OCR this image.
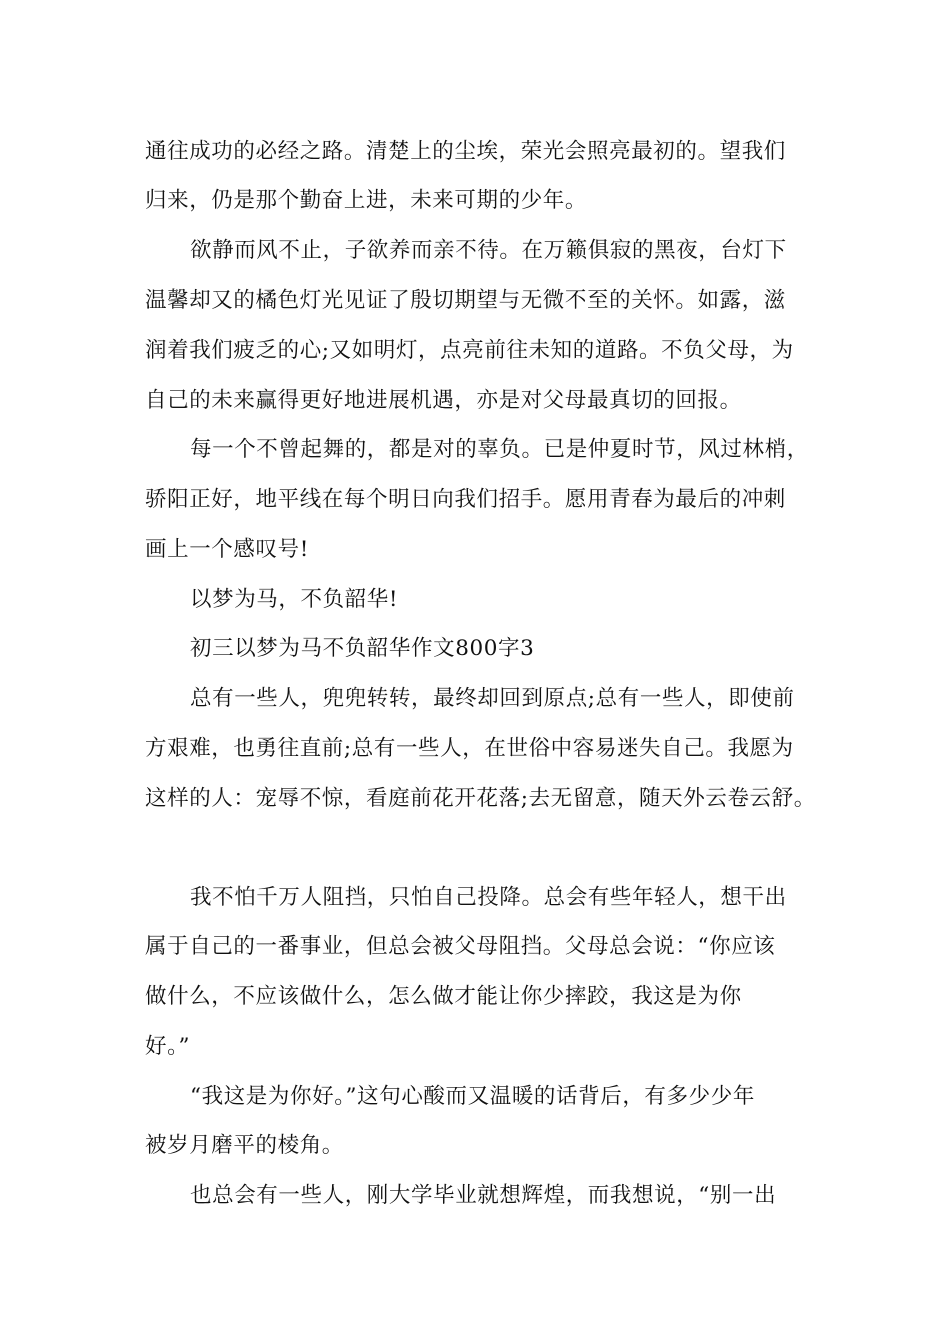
通往成功的必经之路。清楚上的尘埃，荣光会照亮最初的。望我们
归来，仍是那个勤奋上进，未来可期的少年。
欲静而风不止，子欲养而亲不待。在万籁俱寂的黑夜，台灯下
温馨却又的橘色灯光见证了殷切期望与无微不至的关怀。如露，滋
润着我们疲乏的心;又如明灯，点亮前往未知的道路。不负父母，为
自己的未来赢得更好地进展机遇，亦是对父母最真切的回报。
每一个不曾起舞的，都是对的辜负。已是仲夏时节，风过林梢，
骄阳正好，地平线在每个明日向我们招手。愿用青春为最后的冲刺
画上一个感叹号!
以梦为马，不负韶华!
初三以梦为马不负韶华作文800字3
总有一些人，兜兜转转，最终却回到原点;总有一些人，即使前
方艰难，也勇往直前;总有一些人，在世俗中容易迷失自己。我愿为
这样的人：宠辱不惊，看庭前花开花落;去无留意，随天外云卷云舒。
我不怕千万人阻挡，只怕自己投降。总会有些年轻人，想干出
属于自己的一番事业，但总会被父母阻挡。父母总会说：“你应该
做什么，不应该做什么，怎么做才能让你少摔跤，我这是为你
好。”
“我这是为你好。”这句心酸而又温暖的话背后，有多少少年
被岁月磨平的棱角。
也总会有一些人，刚大学毕业就想辉煌，而我想说，“别一出
